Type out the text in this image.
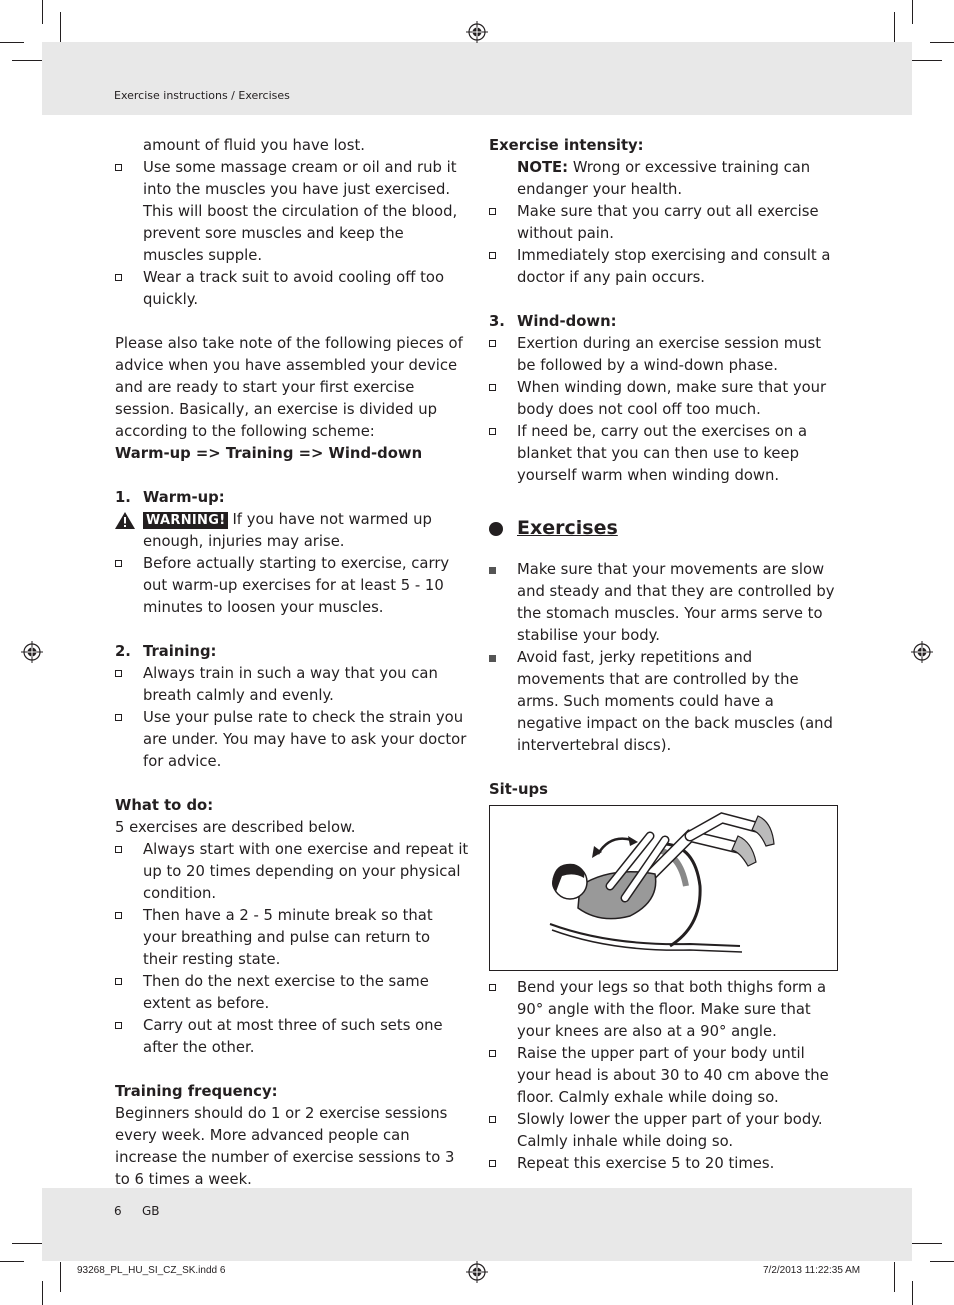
Exercise instructions / Exercises
6 GB
93268_PL_HU_SI_CZ_SK.indd 6	7/2/2013 11:22:35 AM

amount of fluid you have lost.

Use some massage cream or oil and rub it into the muscles you have just exercised. This will boost the circulation of the blood, prevent sore muscles and keep the muscles supple.
Wear a track suit to avoid cooling off too quickly.

Please also take note of the following pieces of advice when you have assembled your device and are ready to start your first exercise session. Basically, an exercise is divided up according to the following scheme:

Warm-up => Training => Wind-down

1. Warm-up:
WARNING! If you have not warmed up enough, injuries may arise.
Before actually starting to exercise, carry out warm-up exercises for at least 5 - 10 minutes to loosen your muscles.
2. Training:
Always train in such a way that you can breath calmly and evenly.
Use your pulse rate to check the strain you are under. You may have to ask your doctor for advice.

What to do:

5 exercises are described below.

Always start with one exercise and repeat it up to 20 times depending on your physical condition.
Then have a 2 - 5 minute break so that your breathing and pulse can return to their resting state.
Then do the next exercise to the same extent as before.
Carry out at most three of such sets one after the other.

Training frequency:

Beginners should do 1 or 2 exercise sessions every week. More advanced people can increase the number of exercise sessions to 3 to 6 times a week.

Exercise intensity:

NOTE: Wrong or excessive training can endanger your health.
Make sure that you carry out all exercise without pain.
Immediately stop exercising and consult a doctor if any pain occurs.
3. Wind-down:
Exertion during an exercise session must be followed by a wind-down phase.
When winding down, make sure that your body does not cool off too much.
If need be, carry out the exercises on a blanket that you can then use to keep yourself warm when winding down.
Exercises
Make sure that your movements are slow and steady and that they are controlled by the stomach muscles. Your arms serve to stabilise your body.
Avoid fast, jerky repetitions and movements that are controlled by the arms. Such moments could have a negative impact on the back muscles (and intervertebral discs).

Sit-ups

Bend your legs so that both thighs form a 90° angle with the floor. Make sure that your knees are also at a 90° angle.
Raise the upper part of your body until your head is about 30 to 40 cm above the floor. Calmly exhale while doing so.
Slowly lower the upper part of your body. Calmly inhale while doing so.
Repeat this exercise 5 to 20 times.
